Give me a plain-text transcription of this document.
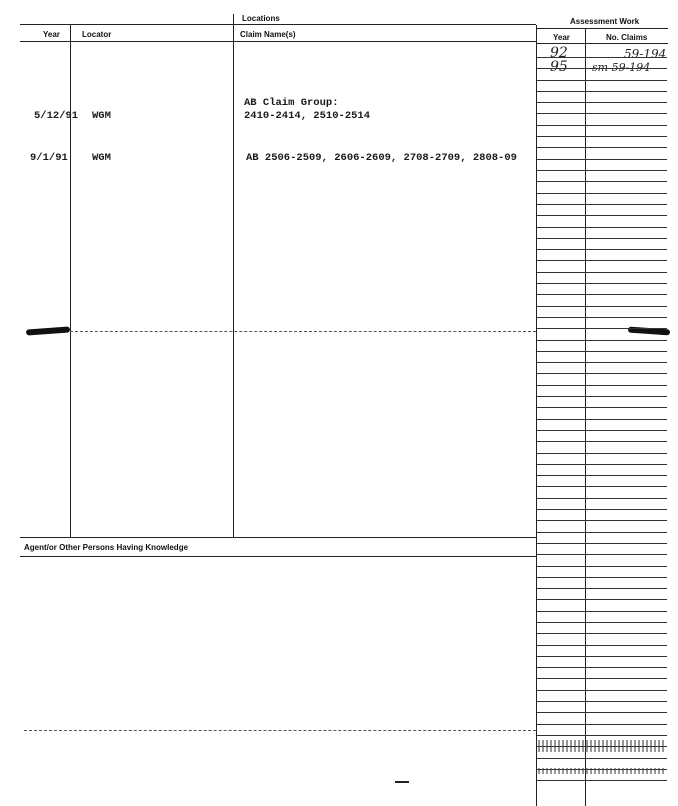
Locations	Assessment Work
Year	Locator	Claim Name(s)	Year	No. Claims
Agent/or Other Persons Having Knowledge
AB Claim Group:
5/12/91 WGM	2410-2414, 2510-2514
9/1/91 WGM	AB 2506-2509, 2606-2609, 2708-2709, 2808-09
92	59-194
95 sm 59-194
